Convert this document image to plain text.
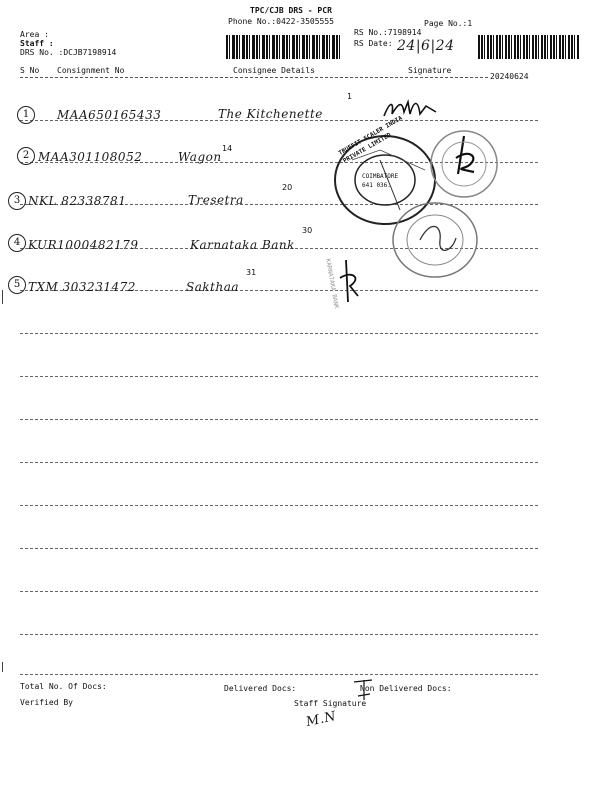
TPC/CJB DRS - PCR
Phone No.:0422-3505555
Area :
Staff :
DRS No. :DCJB7198914
RS No.:7198914
RS Date: 24|6|24
Page No.:1
S No Consignment No	Consignee Details	Signature
20240624
1	MAA650165433	The Kitchenette
1
2 MAA301108052	Wagon
14
3 NKL 82338781	Tresetra
20
4 KUR1000482179	Karnataka Bank
30
5 TXM 303231472	Sakthaa
31
TRUEFIT SCALER INDIA PRIVATE LIMITED
COIMBATORE 641 036.
KARNATAKA BANK
Total No. Of Docs:	Delivered Docs:	Non Delivered Docs:
Verified By	Staff Signature
M.N
